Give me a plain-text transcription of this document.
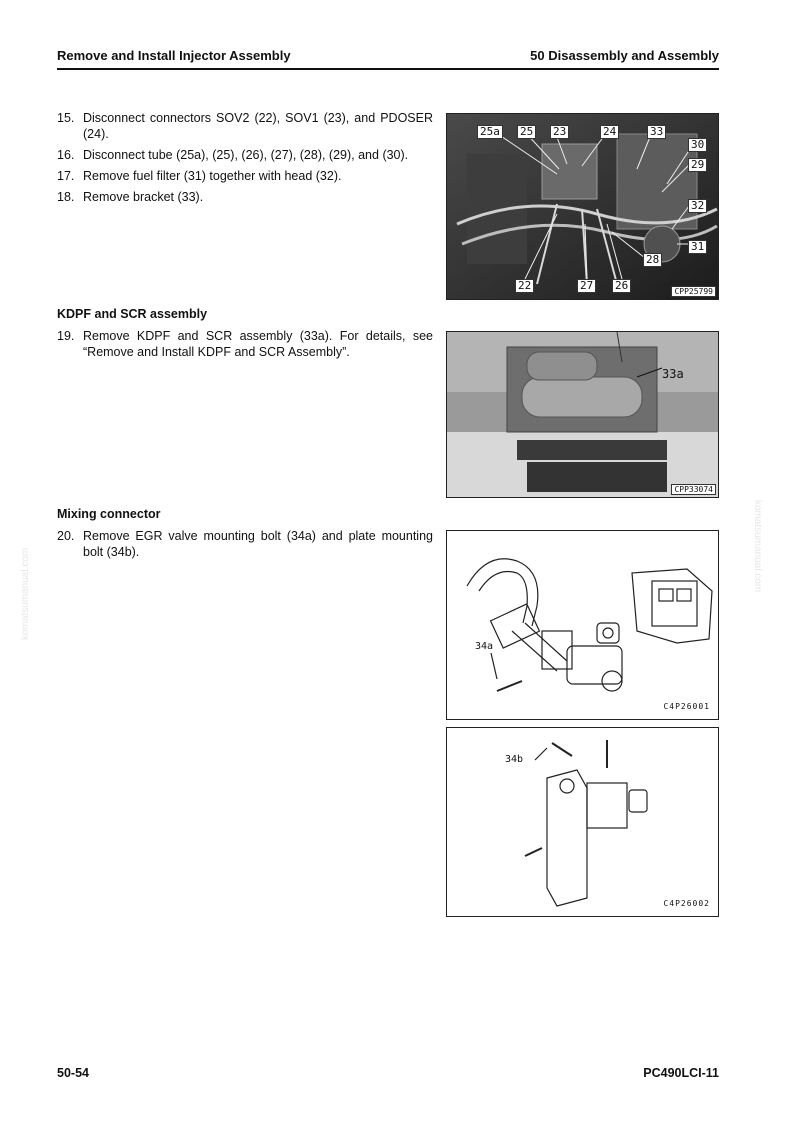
Remove and Install Injector Assembly	50 Disassembly and Assembly
15. Disconnect connectors SOV2 (22), SOV1 (23), and PDOSER (24).
16. Disconnect tube (25a), (25), (26), (27), (28), (29), and (30).
17. Remove fuel filter (31) together with head (32).
18. Remove bracket (33).
25a 25 23	24	33
30
29
32
31
28
22	27 26	CPP25799
KDPF and SCR assembly
19. Remove KDPF and SCR assembly (33a). For details, see “Remove and Install KDPF and SCR Assembly”.
33a
CPP33074
Mixing connector
20. Remove EGR valve mounting bolt (34a) and plate mounting bolt (34b).
34a
C4P26001
34b
C4P26002
komatsumanual.com
komatsumanual.com
50-54	PC490LCI-11
